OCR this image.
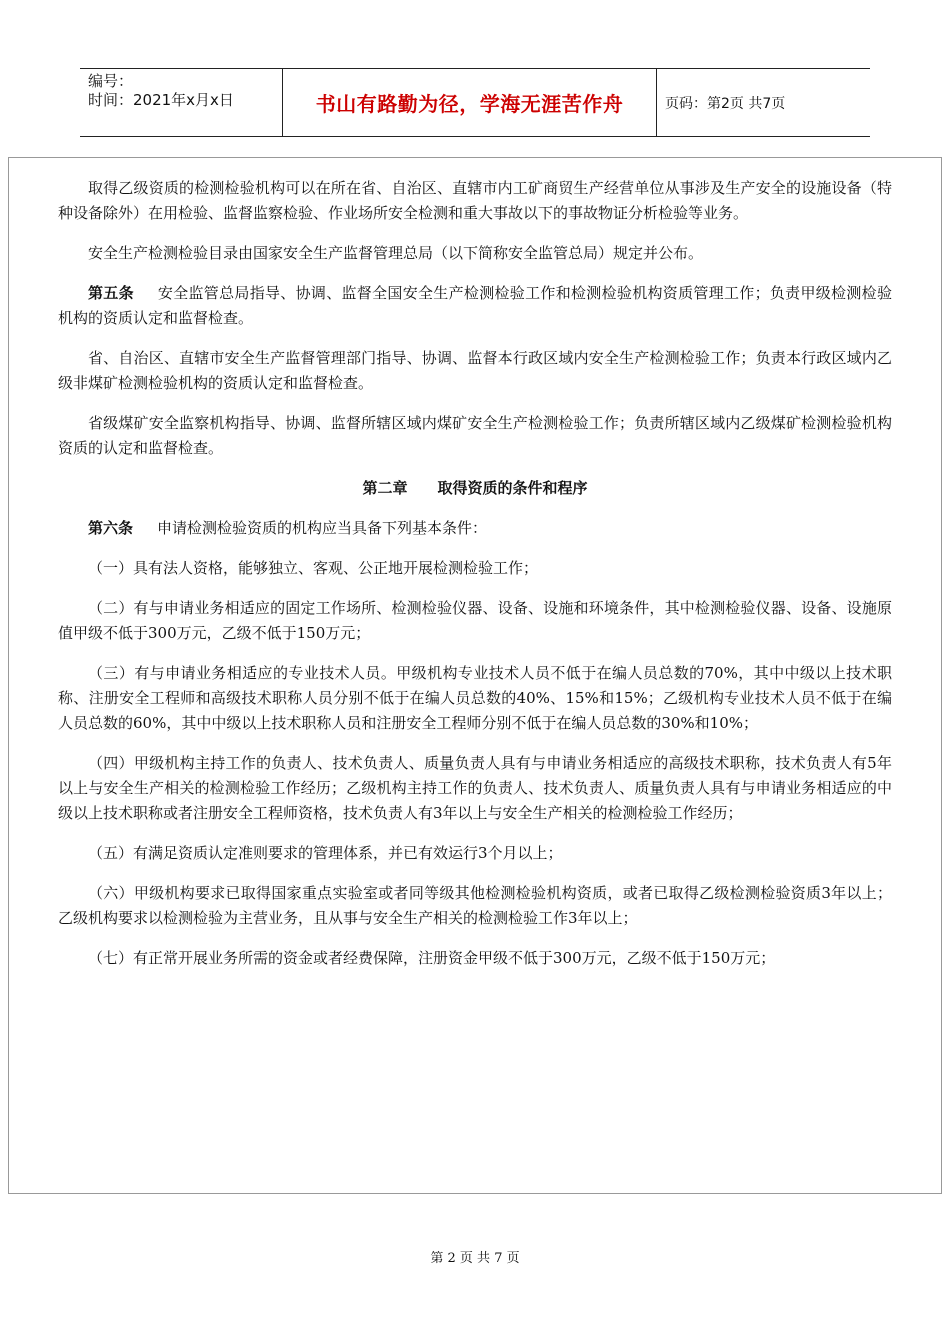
编号：
时间：2021年x月x日	书山有路勤为径，学海无涯苦作舟	页码：第2页 共7页

取得乙级资质的检测检验机构可以在所在省、自治区、直辖市内工矿商贸生产经营单位从事涉及生产安全的设施设备（特种设备除外）在用检验、监督监察检验、作业场所安全检测和重大事故以下的事故物证分析检验等业务。

安全生产检测检验目录由国家安全生产监督管理总局（以下简称安全监管总局）规定并公布。

第五条 安全监管总局指导、协调、监督全国安全生产检测检验工作和检测检验机构资质管理工作；负责甲级检测检验机构的资质认定和监督检查。

省、自治区、直辖市安全生产监督管理部门指导、协调、监督本行政区域内安全生产检测检验工作；负责本行政区域内乙级非煤矿检测检验机构的资质认定和监督检查。

省级煤矿安全监察机构指导、协调、监督所辖区域内煤矿安全生产检测检验工作；负责所辖区域内乙级煤矿检测检验机构资质的认定和监督检查。

第二章　　取得资质的条件和程序

第六条 申请检测检验资质的机构应当具备下列基本条件：

（一）具有法人资格，能够独立、客观、公正地开展检测检验工作；

（二）有与申请业务相适应的固定工作场所、检测检验仪器、设备、设施和环境条件，其中检测检验仪器、设备、设施原值甲级不低于300万元，乙级不低于150万元；

（三）有与申请业务相适应的专业技术人员。甲级机构专业技术人员不低于在编人员总数的70%，其中中级以上技术职称、注册安全工程师和高级技术职称人员分别不低于在编人员总数的40%、15%和15%；乙级机构专业技术人员不低于在编人员总数的60%，其中中级以上技术职称人员和注册安全工程师分别不低于在编人员总数的30%和10%；

（四）甲级机构主持工作的负责人、技术负责人、质量负责人具有与申请业务相适应的高级技术职称，技术负责人有5年以上与安全生产相关的检测检验工作经历；乙级机构主持工作的负责人、技术负责人、质量负责人具有与申请业务相适应的中级以上技术职称或者注册安全工程师资格，技术负责人有3年以上与安全生产相关的检测检验工作经历；

（五）有满足资质认定准则要求的管理体系，并已有效运行3个月以上；

（六）甲级机构要求已取得国家重点实验室或者同等级其他检测检验机构资质，或者已取得乙级检测检验资质3年以上；乙级机构要求以检测检验为主营业务，且从事与安全生产相关的检测检验工作3年以上；

（七）有正常开展业务所需的资金或者经费保障，注册资金甲级不低于300万元，乙级不低于150万元；

第 2 页 共 7 页
